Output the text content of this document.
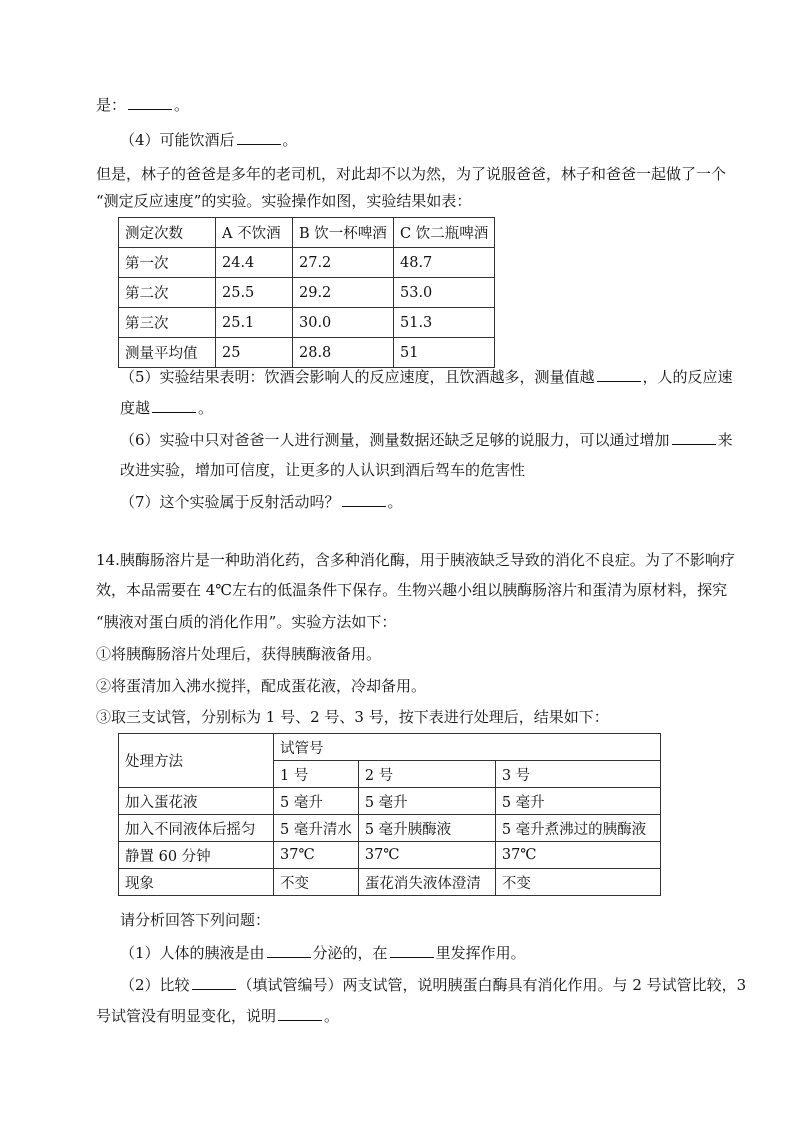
是：	。
（4）可能饮酒后	。
但是，林子的爸爸是多年的老司机，对此却不以为然，为了说服爸爸，林子和爸爸一起做了一个
“测定反应速度”的实验。实验操作如图，实验结果如表：
测定次数	A 不饮酒	B 饮一杯啤酒	C 饮二瓶啤酒
第一次	24.4	27.2	48.7
第二次	25.5	29.2	53.0
第三次	25.1	30.0	51.3
测量平均值	25	28.8	51
（5）实验结果表明：饮酒会影响人的反应速度，且饮酒越多，测量值越	，人的反应速
度越	。
（6）实验中只对爸爸一人进行测量，测量数据还缺乏足够的说服力，可以通过增加	来
改进实验，增加可信度，让更多的人认识到酒后驾车的危害性
（7）这个实验属于反射活动吗？	。
14.胰酶肠溶片是一种助消化药，含多种消化酶，用于胰液缺乏导致的消化不良症。为了不影响疗
效，本品需要在 4℃左右的低温条件下保存。生物兴趣小组以胰酶肠溶片和蛋清为原材料，探究
“胰液对蛋白质的消化作用”。实验方法如下：
①将胰酶肠溶片处理后，获得胰酶液备用。
②将蛋清加入沸水搅拌，配成蛋花液，冷却备用。
③取三支试管，分别标为 1 号、2 号、3 号，按下表进行处理后，结果如下：
处理方法	试管号		
	1 号	2 号	3 号
加入蛋花液	5 毫升	5 毫升	5 毫升
加入不同液体后摇匀	5 毫升清水	5 毫升胰酶液	5 毫升煮沸过的胰酶液
静置 60 分钟	37℃	37℃	37℃
现象	不变	蛋花消失液体澄清	不变
请分析回答下列问题：
（1）人体的胰液是由	分泌的，在	里发挥作用。
（2）比较	（填试管编号）两支试管，说明胰蛋白酶具有消化作用。与 2 号试管比较，3
号试管没有明显变化，说明	。
